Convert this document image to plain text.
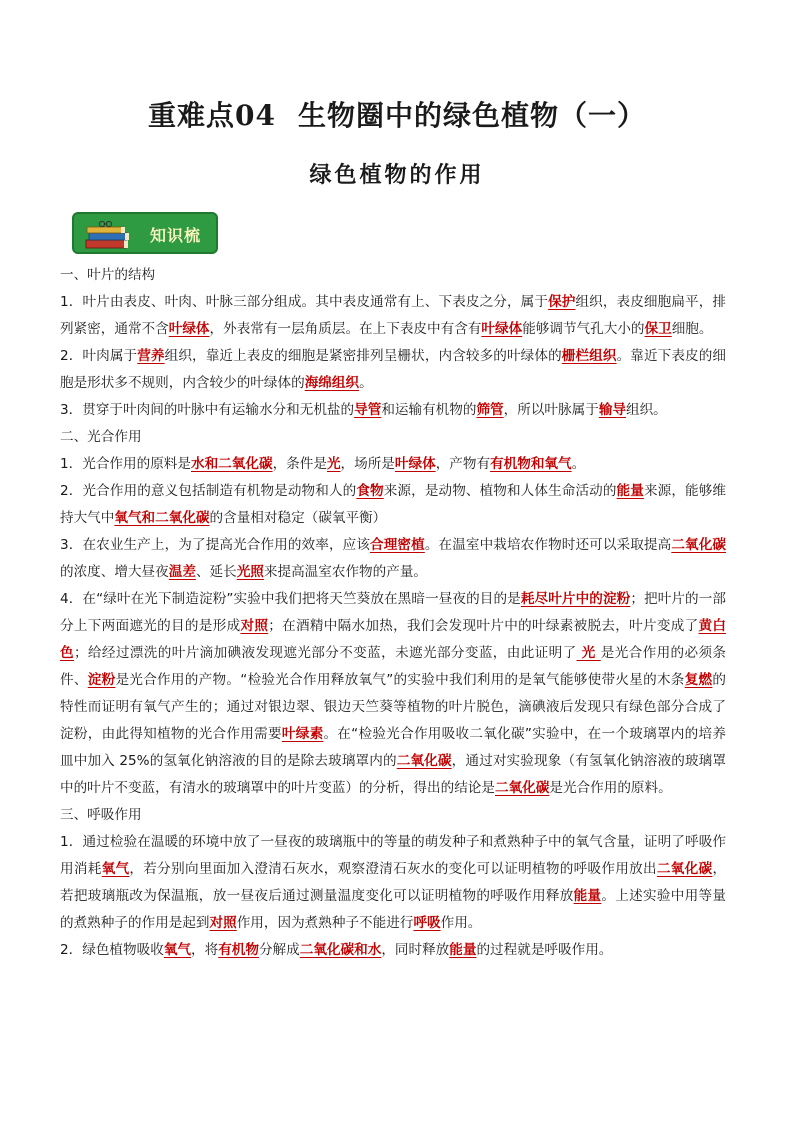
重难点04 生物圈中的绿色植物（一）
绿色植物的作用
知识梳

一、叶片的结构

1．叶片由表皮、叶肉、叶脉三部分组成。其中表皮通常有上、下表皮之分，属于保护组织，表皮细胞扁平，排列紧密，通常不含叶绿体，外表常有一层角质层。在上下表皮中有含有叶绿体能够调节气孔大小的保卫细胞。

2．叶肉属于营养组织，靠近上表皮的细胞是紧密排列呈栅状，内含较多的叶绿体的栅栏组织。靠近下表皮的细胞是形状多不规则，内含较少的叶绿体的海绵组织。

3．贯穿于叶肉间的叶脉中有运输水分和无机盐的导管和运输有机物的筛管，所以叶脉属于输导组织。

二、光合作用

1．光合作用的原料是水和二氧化碳，条件是光，场所是叶绿体，产物有有机物和氧气。

2．光合作用的意义包括制造有机物是动物和人的食物来源，是动物、植物和人体生命活动的能量来源，能够维持大气中氧气和二氧化碳的含量相对稳定（碳氧平衡）

3．在农业生产上，为了提高光合作用的效率，应该合理密植。在温室中栽培农作物时还可以采取提高二氧化碳的浓度、增大昼夜温差、延长光照来提高温室农作物的产量。

4．在“绿叶在光下制造淀粉”实验中我们把将天竺葵放在黑暗一昼夜的目的是耗尽叶片中的淀粉；把叶片的一部分上下两面遮光的目的是形成对照；在酒精中隔水加热，我们会发现叶片中的叶绿素被脱去，叶片变成了黄白色；给经过漂洗的叶片滴加碘液发现遮光部分不变蓝，未遮光部分变蓝，由此证明了 光 是光合作用的必须条件、淀粉是光合作用的产物。“检验光合作用释放氧气”的实验中我们利用的是氧气能够使带火星的木条复燃的特性而证明有氧气产生的；通过对银边翠、银边天竺葵等植物的叶片脱色，滴碘液后发现只有绿色部分合成了淀粉，由此得知植物的光合作用需要叶绿素。在“检验光合作用吸收二氧化碳”实验中，在一个玻璃罩内的培养皿中加入 25%的氢氧化钠溶液的目的是除去玻璃罩内的二氧化碳，通过对实验现象（有氢氧化钠溶液的玻璃罩中的叶片不变蓝，有清水的玻璃罩中的叶片变蓝）的分析，得出的结论是二氧化碳是光合作用的原料。

三、呼吸作用

1．通过检验在温暖的环境中放了一昼夜的玻璃瓶中的等量的萌发种子和煮熟种子中的氧气含量，证明了呼吸作用消耗氧气，若分别向里面加入澄清石灰水，观察澄清石灰水的变化可以证明植物的呼吸作用放出二氧化碳，若把玻璃瓶改为保温瓶，放一昼夜后通过测量温度变化可以证明植物的呼吸作用释放能量。上述实验中用等量的煮熟种子的作用是起到对照作用，因为煮熟种子不能进行呼吸作用。

2．绿色植物吸收氧气，将有机物分解成二氧化碳和水，同时释放能量的过程就是呼吸作用。
